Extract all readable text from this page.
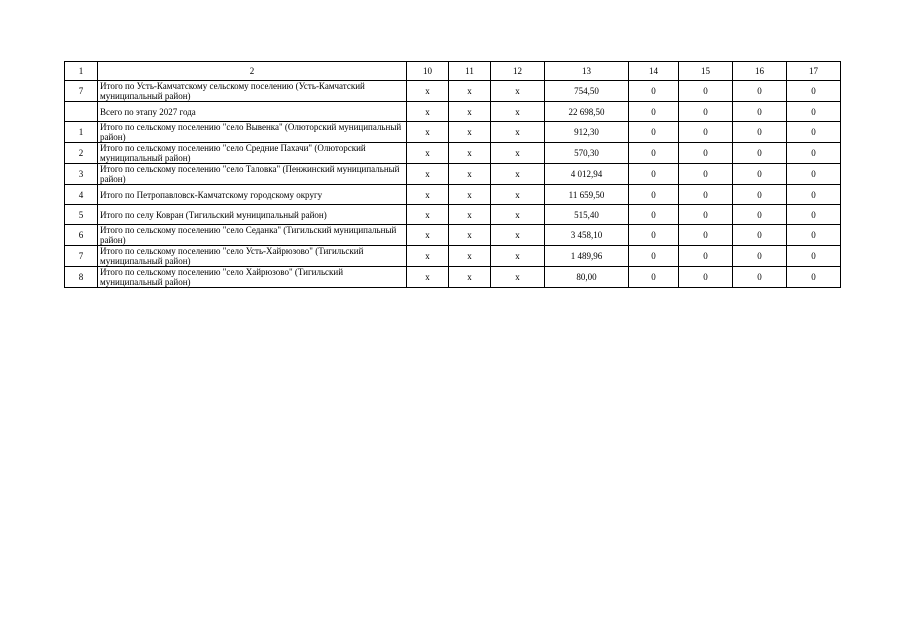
1	2	10	11	12	13	14	15	16	17
7	Итого по Усть-Камчатскому сельскому поселению (Усть-Камчатский муниципальный район)	x	x	x	754,50	0	0	0	0
	Всего по этапу 2027 года	x	x	x	22 698,50	0	0	0	0
1	Итого по сельскому поселению "село Вывенка" (Олюторский муниципальный район)	x	x	x	912,30	0	0	0	0
2	Итого по сельскому поселению "село Средние Пахачи" (Олюторский муниципальный район)	x	x	x	570,30	0	0	0	0
3	Итого по сельскому поселению "село Таловка" (Пенжинский муниципальный район)	x	x	x	4 012,94	0	0	0	0
4	Итого по Петропавловск-Камчатскому городскому округу	x	x	x	11 659,50	0	0	0	0
5	Итого по селу Ковран (Тигильский муниципальный район)	x	x	x	515,40	0	0	0	0
6	Итого по сельскому поселению "село Седанка" (Тигильский муниципальный район)	x	x	x	3 458,10	0	0	0	0
7	Итого по сельскому поселению "село Усть-Хайрюзово" (Тигильский муниципальный район)	x	x	x	1 489,96	0	0	0	0
8	Итого по сельскому поселению "село Хайрюзово" (Тигильский муниципальный район)	x	x	x	80,00	0	0	0	0
